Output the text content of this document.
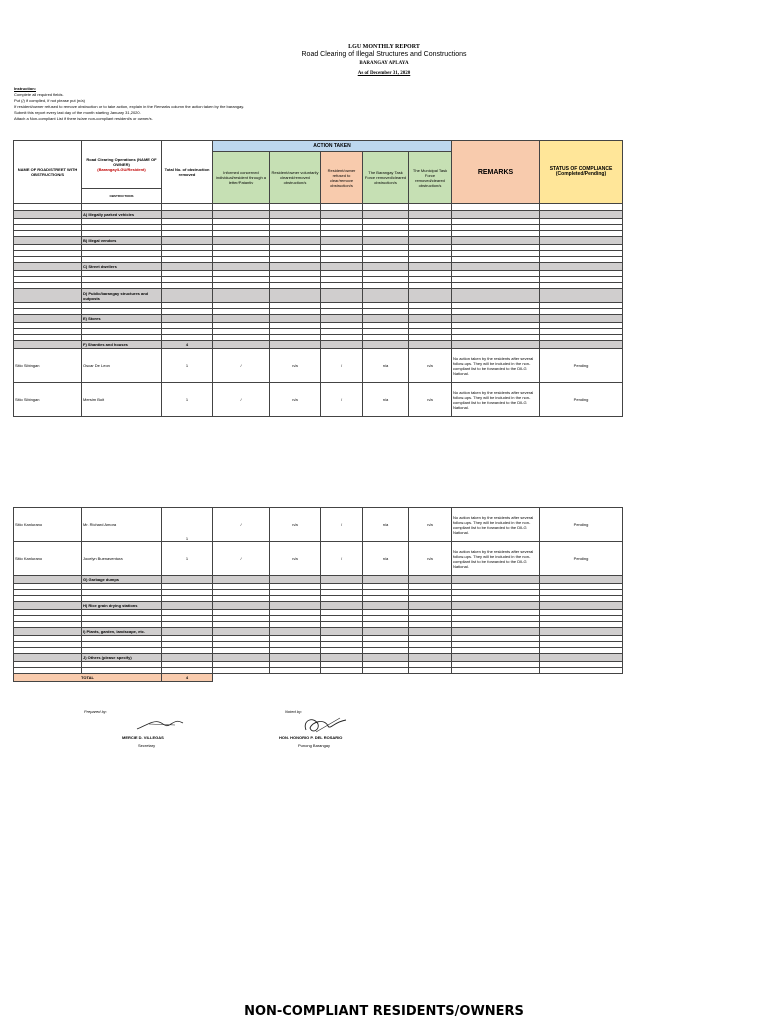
LGU MONTHLY REPORT
Road Clearing of Illegal Structures and Constructions
BARANGAY APLAYA
As of December 31, 2020
Instruction:
Complete all required fields.
Put (/) if complied, if not please put (n/a)
If resident/owner refused to remove obstruction or to take action, explain in the Remarks column the action taken by the barangay.
Submit this report every last day of the month starting January 31,2020.
Attach a Non-compliant List if there is/are non-compliant resident/s or owner/s.
NAME OF ROAD/STREET WITH OBSTRUCTION/S	Road Clearing Operations (NAME OF OWNER)
(Barangay/LGU/Resident)	Total No. of obstruction removed	ACTION TAKEN					REMARKS	STATUS OF COMPLIANCE (Completed/Pending)
			Informed concerned individual/resident through a letter/Patantiv	Resident/owner voluntarily cleared/removed obstruction/s	Resident/owner refused to clear/remove obstruction/s	The Barangay Task Force removed/cleared obstruction/s	The Municipal Task Force removed/cleared obstruction/s		
	OBSTRUCTIONS								

	A) Illegally parked vehicles								

	B) Illegal vendors								

	C) Street dwellers								

	D) Public/barangay structures and outposts								

	E) Stores								

	F) Shanties and houses	4							
Sitio Sibingan	Oscar De Leon	1	/	n/a	/	n/a	n/a	No action taken by the residents after several follow-ups. They will be included in the non-compliant list to be forwarded to the DILG National.	Pending
Sitio Sibingan	Mersim Boit	1	/	n/a	/	n/a	n/a	No action taken by the residents after several follow-ups. They will be included in the non-compliant list to be forwarded to the DILG National.	Pending
Sitio Kanlurano	Mr. Richard Amora	1	/	n/a	/	n/a	n/a	No action taken by the residents after several follow-ups. They will be included in the non-compliant list to be forwarded to the DILG National.	Pending
Sitio Kanlurano	Jocelyn Buenaventura	1	/	n/a	/	n/a	n/a	No action taken by the residents after several follow-ups. They will be included in the non-compliant list to be forwarded to the DILG National.	Pending
	G) Garbage dumps								

	H) Rice grain drying stations								

	I) Plants, garden, landscape, etc.								

	J) Others (please specify)								

TOTAL		4							
Prepared by:
MERCIE D. VILLEGAS
Secretary
Noted by:
HON. HONORIO P. DEL ROSARIO
Punong Barangay
NON-COMPLIANT RESIDENTS/OWNERS
